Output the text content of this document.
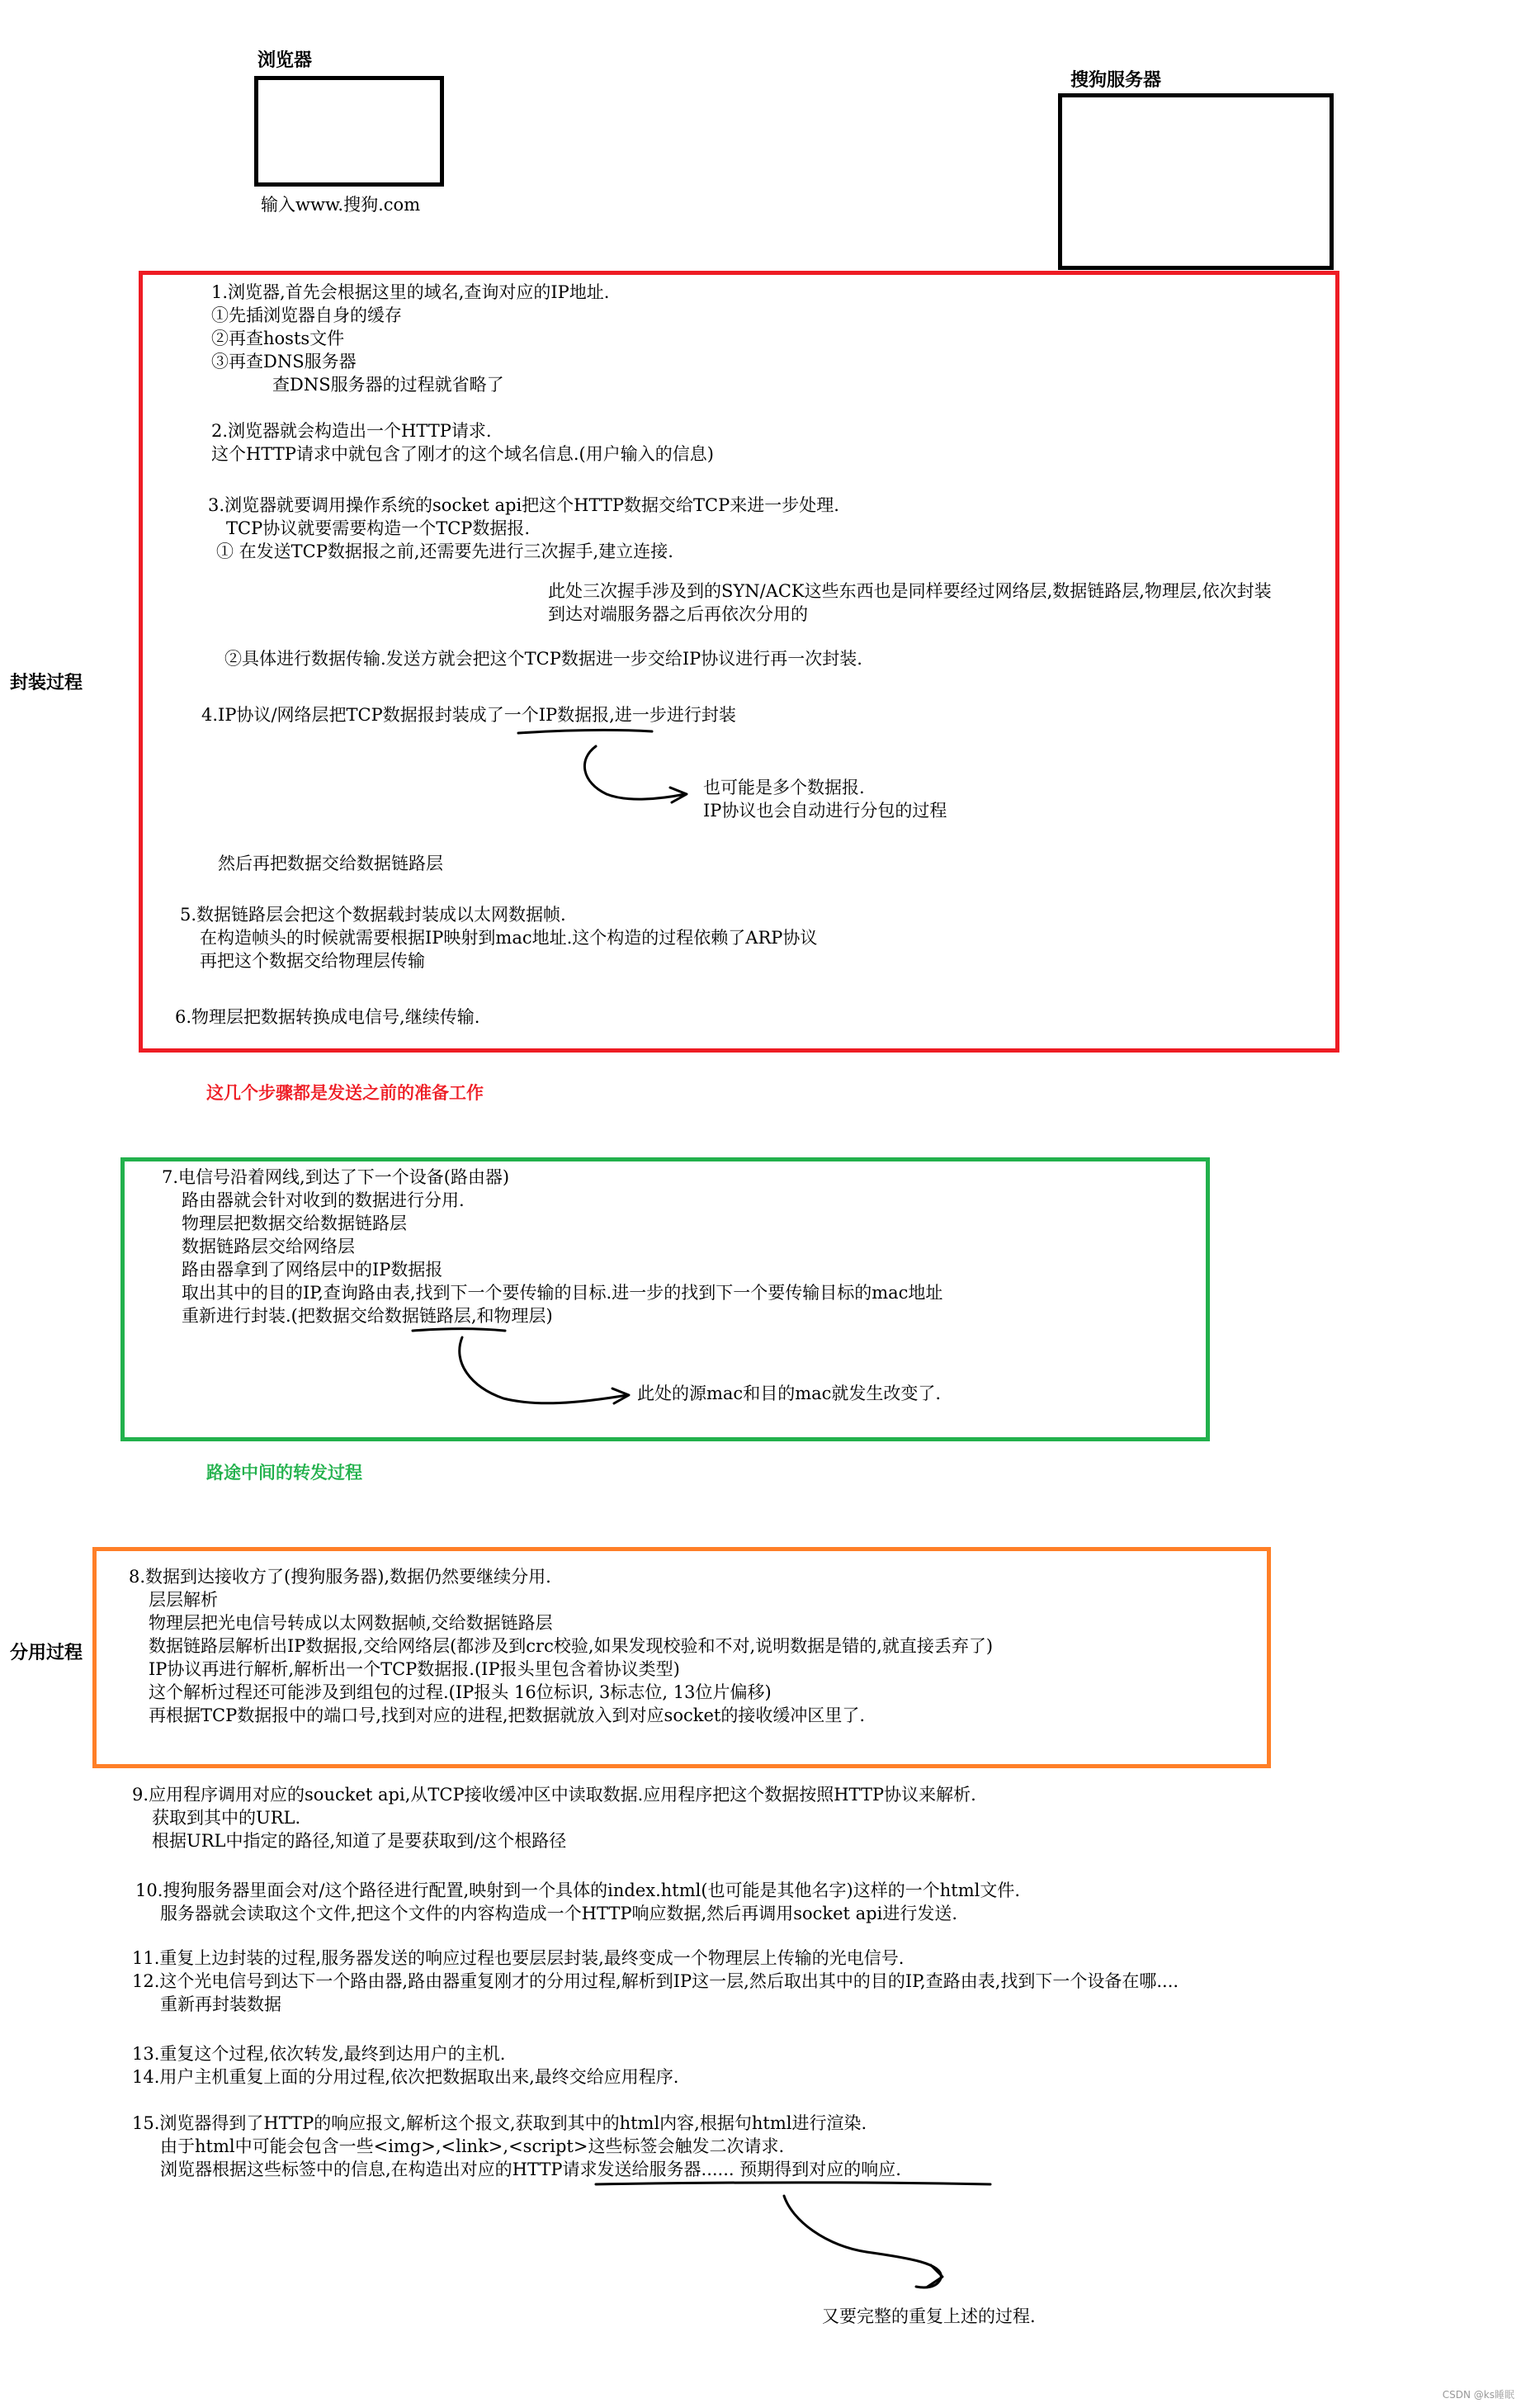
浏览器
输入www.搜狗.com
搜狗服务器
封装过程
分用过程
1.浏览器,首先会根据这里的域名,查询对应的IP地址.
①先插浏览器自身的缓存
②再查hosts文件
③再查DNS服务器
查DNS服务器的过程就省略了
2.浏览器就会构造出一个HTTP请求.
这个HTTP请求中就包含了刚才的这个域名信息.(用户输入的信息)
3.浏览器就要调用操作系统的socket api把这个HTTP数据交给TCP来进一步处理.
TCP协议就要需要构造一个TCP数据报.
① 在发送TCP数据报之前,还需要先进行三次握手,建立连接.
此处三次握手涉及到的SYN/ACK这些东西也是同样要经过网络层,数据链路层,物理层,依次封装
到达对端服务器之后再依次分用的
②具体进行数据传输.发送方就会把这个TCP数据进一步交给IP协议进行再一次封装.
4.IP协议/网络层把TCP数据报封装成了一个IP数据报,进一步进行封装
也可能是多个数据报.
IP协议也会自动进行分包的过程
然后再把数据交给数据链路层
5.数据链路层会把这个数据载封装成以太网数据帧.
在构造帧头的时候就需要根据IP映射到mac地址.这个构造的过程依赖了ARP协议
再把这个数据交给物理层传输
6.物理层把数据转换成电信号,继续传输.
这几个步骤都是发送之前的准备工作
7.电信号沿着网线,到达了下一个设备(路由器)
路由器就会针对收到的数据进行分用.
物理层把数据交给数据链路层
数据链路层交给网络层
路由器拿到了网络层中的IP数据报
取出其中的目的IP,查询路由表,找到下一个要传输的目标.进一步的找到下一个要传输目标的mac地址
重新进行封装.(把数据交给数据链路层,和物理层)
此处的源mac和目的mac就发生改变了.
路途中间的转发过程
8.数据到达接收方了(搜狗服务器),数据仍然要继续分用.
层层解析
物理层把光电信号转成以太网数据帧,交给数据链路层
数据链路层解析出IP数据报,交给网络层(都涉及到crc校验,如果发现校验和不对,说明数据是错的,就直接丢弃了)
IP协议再进行解析,解析出一个TCP数据报.(IP报头里包含着协议类型)
这个解析过程还可能涉及到组包的过程.(IP报头 16位标识, 3标志位, 13位片偏移)
再根据TCP数据报中的端口号,找到对应的进程,把数据就放入到对应socket的接收缓冲区里了.
9.应用程序调用对应的soucket api,从TCP接收缓冲区中读取数据.应用程序把这个数据按照HTTP协议来解析.
获取到其中的URL.
根据URL中指定的路径,知道了是要获取到/这个根路径
10.搜狗服务器里面会对/这个路径进行配置,映射到一个具体的index.html(也可能是其他名字)这样的一个html文件.
服务器就会读取这个文件,把这个文件的内容构造成一个HTTP响应数据,然后再调用socket api进行发送.
11.重复上边封装的过程,服务器发送的响应过程也要层层封装,最终变成一个物理层上传输的光电信号.
12.这个光电信号到达下一个路由器,路由器重复刚才的分用过程,解析到IP这一层,然后取出其中的目的IP,查路由表,找到下一个设备在哪....
重新再封装数据
13.重复这个过程,依次转发,最终到达用户的主机.
14.用户主机重复上面的分用过程,依次把数据取出来,最终交给应用程序.
15.浏览器得到了HTTP的响应报文,解析这个报文,获取到其中的html内容,根据句html进行渲染.
由于html中可能会包含一些<img>,<link>,<script>这些标签会触发二次请求.
浏览器根据这些标签中的信息,在构造出对应的HTTP请求发送给服务器...... 预期得到对应的响应.
又要完整的重复上述的过程.
CSDN @ks睡眠
